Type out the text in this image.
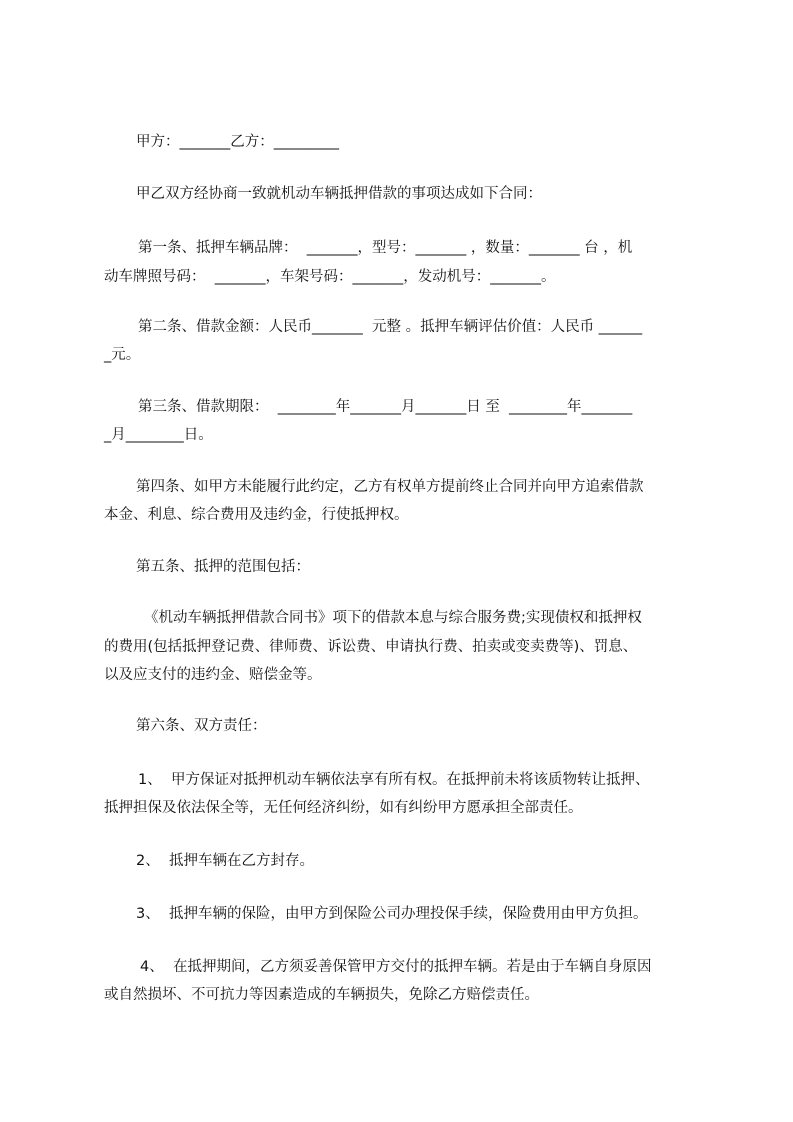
甲方：_______乙方：_________
甲乙双方经协商一致就机动车辆抵押借款的事项达成如下合同：
第一条、抵押车辆品牌：  _______，型号：_______ ，数量：_______ 台 ，机
动车牌照号码：  _______，车架号码：_______，发动机号：_______。
第二条、借款金额：人民币_______  元整 。抵押车辆评估价值：人民币 ______
_元。
第三条、借款期限：  ________年_______月_______日 至  ________年_______
_月________日。
第四条、如甲方未能履行此约定，乙方有权单方提前终止合同并向甲方追索借款
本金、利息、综合费用及违约金，行使抵押权。
第五条、抵押的范围包括：
《机动车辆抵押借款合同书》项下的借款本息与综合服务费;实现债权和抵押权
的费用(包括抵押登记费、律师费、诉讼费、申请执行费、拍卖或变卖费等)、罚息、
以及应支付的违约金、赔偿金等。
第六条、双方责任：
1、  甲方保证对抵押机动车辆依法享有所有权。在抵押前未将该质物转让抵押、
抵押担保及依法保全等，无任何经济纠纷，如有纠纷甲方愿承担全部责任。
2、  抵押车辆在乙方封存。
3、  抵押车辆的保险，由甲方到保险公司办理投保手续，保险费用由甲方负担。
4、  在抵押期间，乙方须妥善保管甲方交付的抵押车辆。若是由于车辆自身原因
或自然损坏、不可抗力等因素造成的车辆损失，免除乙方赔偿责任。
